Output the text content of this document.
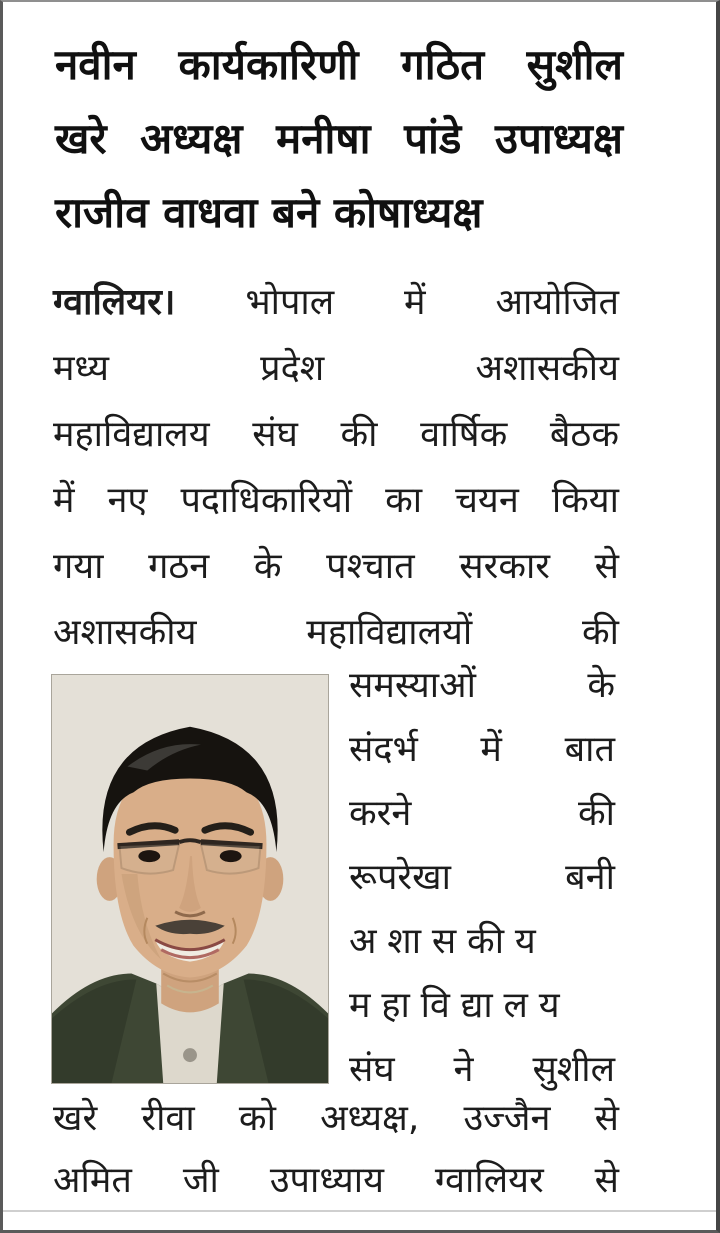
नवीन कार्यकारिणी गठित सुशील
खरे अध्यक्ष मनीषा पांडे उपाध्यक्ष
राजीव वाधवा बने कोषाध्यक्ष
ग्वालियर। भोपाल में आयोजित
मध्य प्रदेश अशासकीय
महाविद्यालय संघ की वार्षिक बैठक
में नए पदाधिकारियों का चयन किया
गया गठन के पश्चात सरकार से
अशासकीय महाविद्यालयों की
समस्याओं के
संदर्भ में बात
करने की
रूपरेखा बनी
अशासकीय
महाविद्यालय
संघ ने सुशील
खरे रीवा को अध्यक्ष, उज्जैन से
अमित जी उपाध्याय ग्वालियर से
